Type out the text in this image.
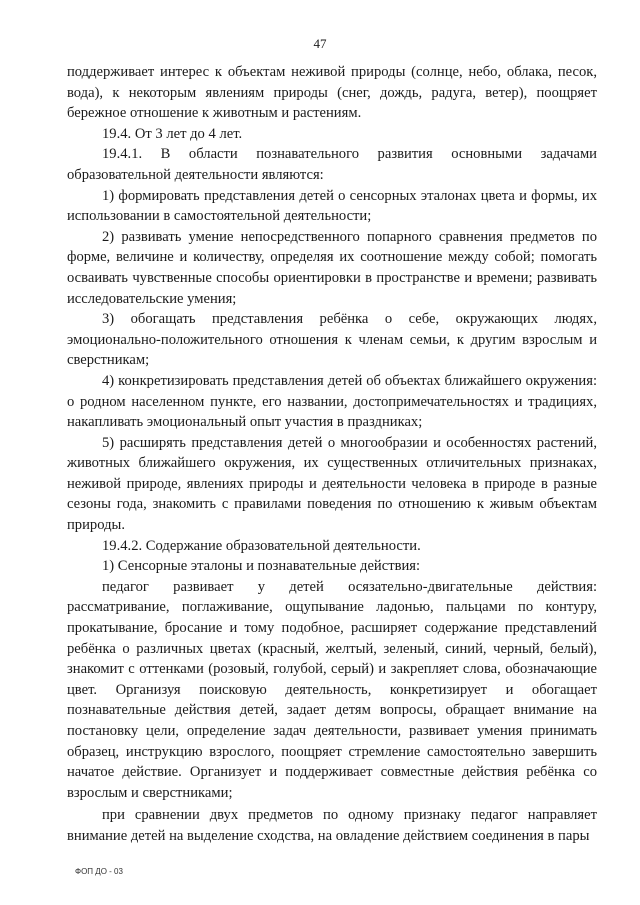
47

поддерживает интерес к объектам неживой природы (солнце, небо, облака, песок, вода), к некоторым явлениям природы (снег, дождь, радуга, ветер), поощряет бережное отношение к животным и растениям.

19.4. От 3 лет до 4 лет.

19.4.1. В области познавательного развития основными задачами образовательной деятельности являются:

1) формировать представления детей о сенсорных эталонах цвета и формы, их использовании в самостоятельной деятельности;

2) развивать умение непосредственного попарного сравнения предметов по форме, величине и количеству, определяя их соотношение между собой; помогать осваивать чувственные способы ориентировки в пространстве и времени; развивать исследовательские умения;

3) обогащать представления ребёнка о себе, окружающих людях, эмоционально-положительного отношения к членам семьи, к другим взрослым и сверстникам;

4) конкретизировать представления детей об объектах ближайшего окружения: о родном населенном пункте, его названии, достопримечательностях и традициях, накапливать эмоциональный опыт участия в праздниках;

5) расширять представления детей о многообразии и особенностях растений, животных ближайшего окружения, их существенных отличительных признаках, неживой природе, явлениях природы и деятельности человека в природе в разные сезоны года, знакомить с правилами поведения по отношению к живым объектам природы.

19.4.2. Содержание образовательной деятельности.

1) Сенсорные эталоны и познавательные действия:

педагог развивает у детей осязательно-двигательные действия: рассматривание, поглаживание, ощупывание ладонью, пальцами по контуру, прокатывание, бросание и тому подобное, расширяет содержание представлений ребёнка о различных цветах (красный, желтый, зеленый, синий, черный, белый), знакомит с оттенками (розовый, голубой, серый) и закрепляет слова, обозначающие цвет. Организуя поисковую деятельность, конкретизирует и обогащает познавательные действия детей, задает детям вопросы, обращает внимание на постановку цели, определение задач деятельности, развивает умения принимать образец, инструкцию взрослого, поощряет стремление самостоятельно завершить начатое действие. Организует и поддерживает совместные действия ребёнка со взрослым и сверстниками;

при сравнении двух предметов по одному признаку педагог направляет внимание детей на выделение сходства, на овладение действием соединения в пары

ФОП ДО - 03
